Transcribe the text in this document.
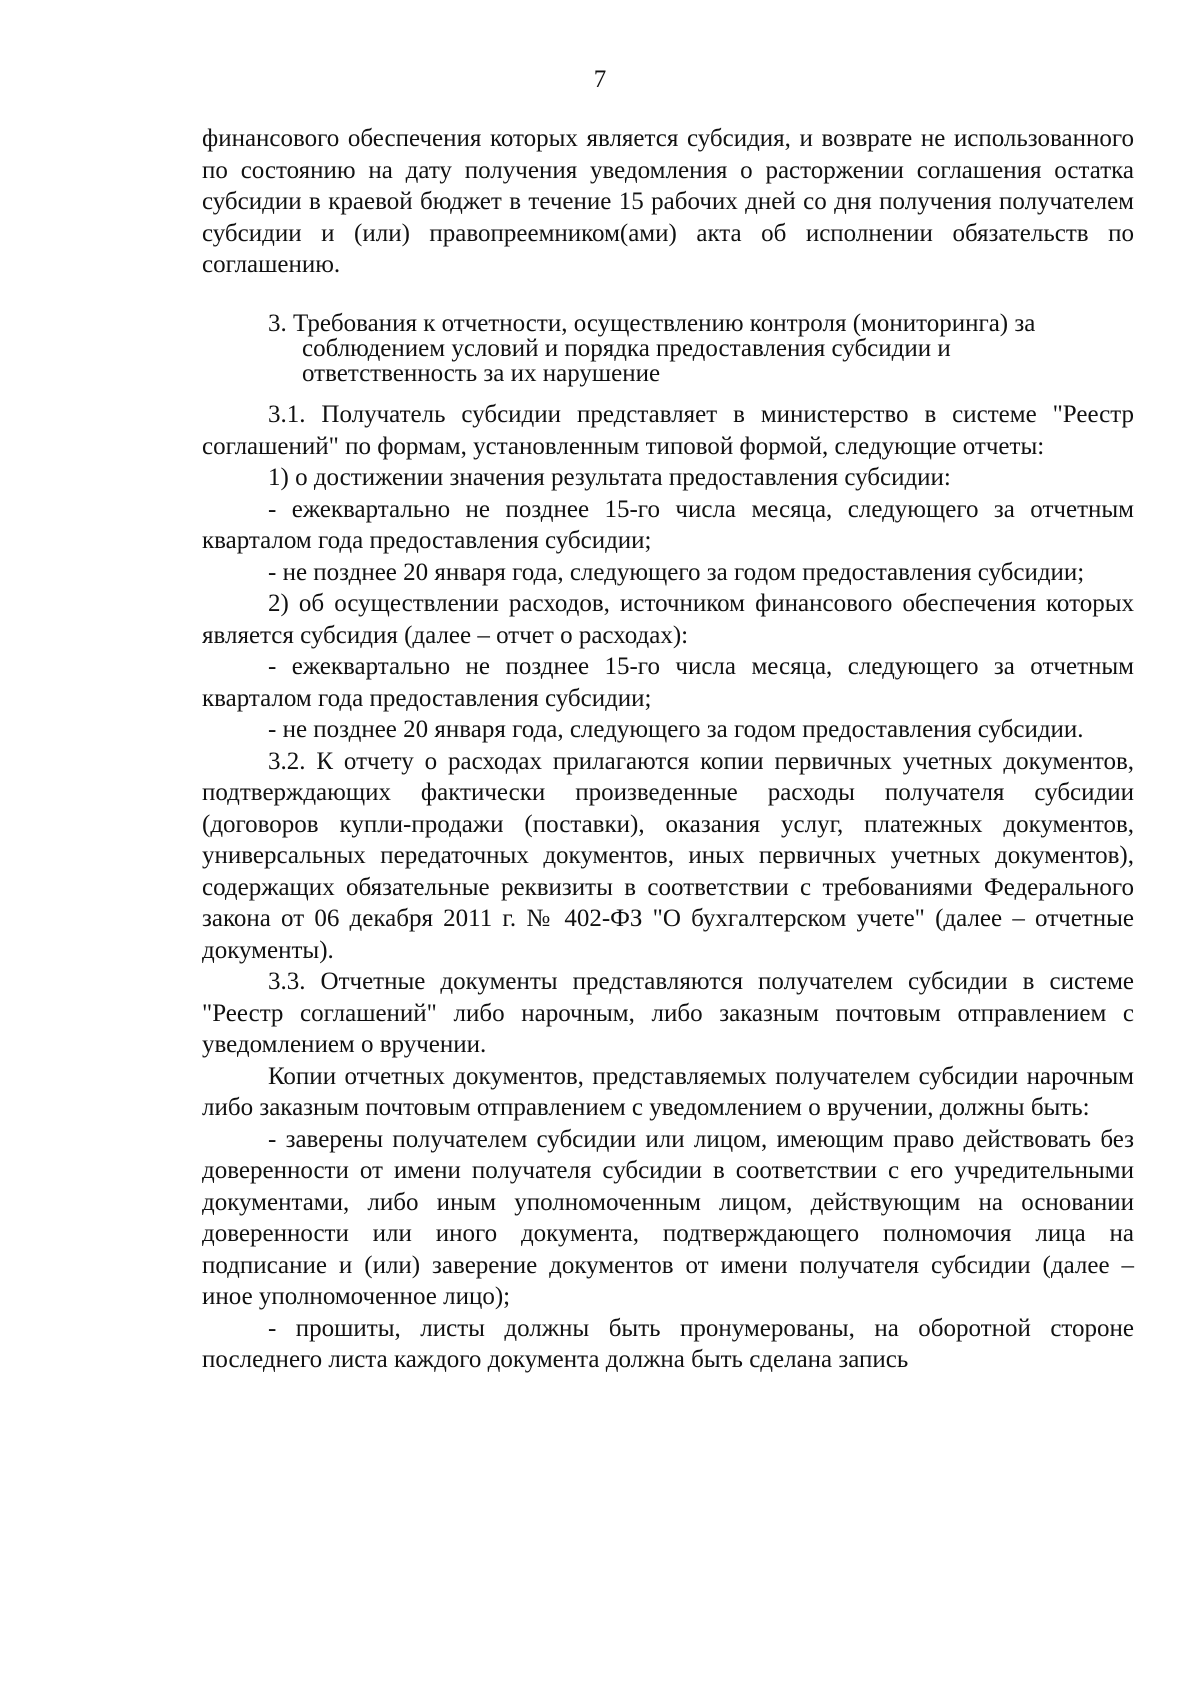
7

финансового обеспечения которых является субсидия, и возврате не использованного по состоянию на дату получения уведомления о расторжении соглашения остатка субсидии в краевой бюджет в течение 15 рабочих дней со дня получения получателем субсидии и (или) правопреемником(ами) акта об исполнении обязательств по соглашению.

3. Требования к отчетности, осуществлению контроля (мониторинга) за
соблюдением условий и порядка предоставления субсидии и
ответственность за их нарушение

3.1. Получатель субсидии представляет в министерство в системе "Реестр соглашений" по формам, установленным типовой формой, следующие отчеты:

1) о достижении значения результата предоставления субсидии:

- ежеквартально не позднее 15-го числа месяца, следующего за отчетным кварталом года предоставления субсидии;

- не позднее 20 января года, следующего за годом предоставления субсидии;

2) об осуществлении расходов, источником финансового обеспечения которых является субсидия (далее – отчет о расходах):

- ежеквартально не позднее 15-го числа месяца, следующего за отчетным кварталом года предоставления субсидии;

- не позднее 20 января года, следующего за годом предоставления субсидии.

3.2. К отчету о расходах прилагаются копии первичных учетных документов, подтверждающих фактически произведенные расходы получателя субсидии (договоров купли-продажи (поставки), оказания услуг, платежных документов, универсальных передаточных документов, иных первичных учетных документов), содержащих обязательные реквизиты в соответствии с требованиями Федерального закона от 06 декабря 2011 г. № 402-ФЗ "О бухгалтерском учете" (далее – отчетные документы).

3.3. Отчетные документы представляются получателем субсидии в системе "Реестр соглашений" либо нарочным, либо заказным почтовым отправлением с уведомлением о вручении.

Копии отчетных документов, представляемых получателем субсидии нарочным либо заказным почтовым отправлением с уведомлением о вручении, должны быть:

- заверены получателем субсидии или лицом, имеющим право действовать без доверенности от имени получателя субсидии в соответствии с его учредительными документами, либо иным уполномоченным лицом, действующим на основании доверенности или иного документа, подтверждающего полномочия лица на подписание и (или) заверение документов от имени получателя субсидии (далее – иное уполномоченное лицо);

- прошиты, листы должны быть пронумерованы, на оборотной стороне последнего листа каждого документа должна быть сделана запись
